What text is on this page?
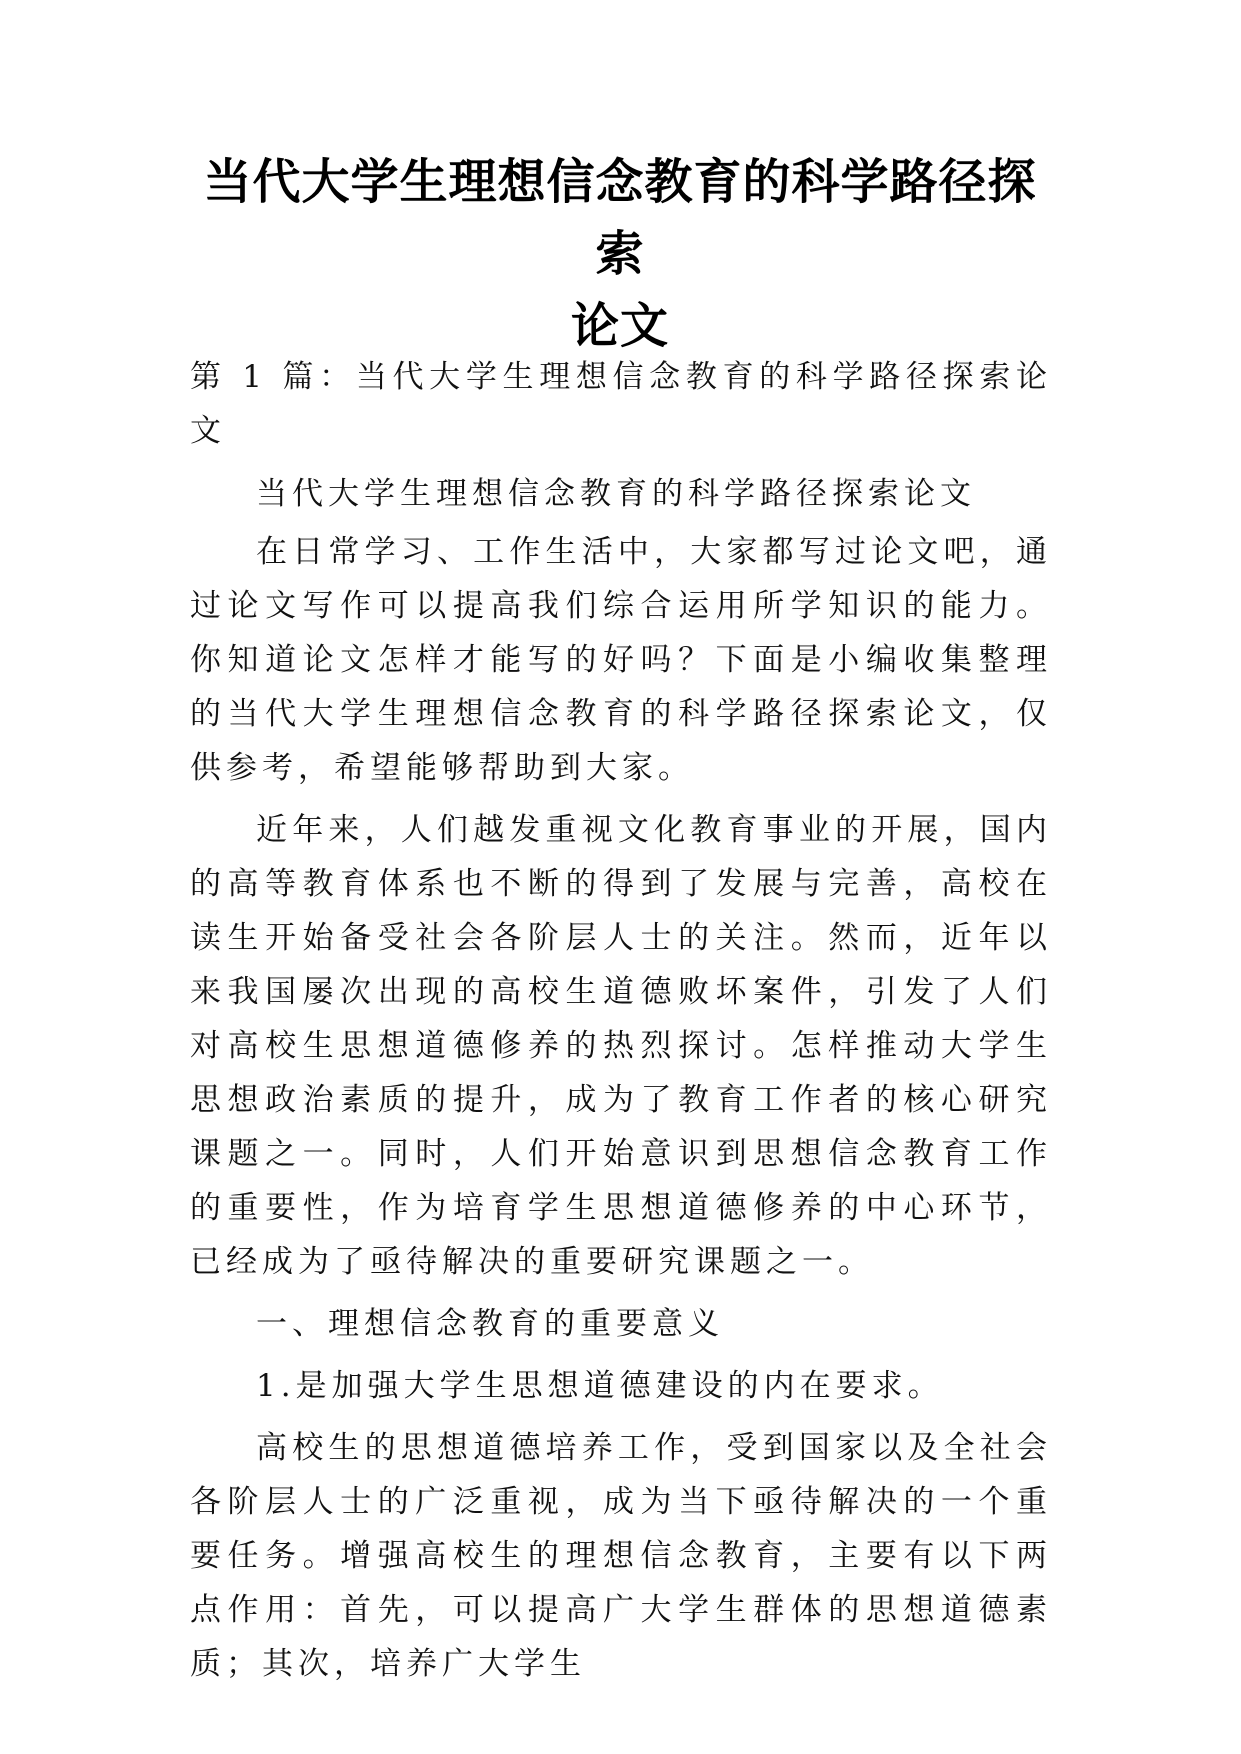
当代大学生理想信念教育的科学路径探索
论文

第 1 篇：当代大学生理想信念教育的科学路径探索论文

当代大学生理想信念教育的科学路径探索论文

在日常学习、工作生活中，大家都写过论文吧，通过论文写作可以提高我们综合运用所学知识的能力。你知道论文怎样才能写的好吗？下面是小编收集整理的当代大学生理想信念教育的科学路径探索论文，仅供参考，希望能够帮助到大家。

近年来，人们越发重视文化教育事业的开展，国内的高等教育体系也不断的得到了发展与完善，高校在读生开始备受社会各阶层人士的关注。然而，近年以来我国屡次出现的高校生道德败坏案件，引发了人们对高校生思想道德修养的热烈探讨。怎样推动大学生思想政治素质的提升，成为了教育工作者的核心研究课题之一。同时，人们开始意识到思想信念教育工作的重要性，作为培育学生思想道德修养的中心环节，已经成为了亟待解决的重要研究课题之一。

一、理想信念教育的重要意义

1.是加强大学生思想道德建设的内在要求。

高校生的思想道德培养工作，受到国家以及全社会各阶层人士的广泛重视，成为当下亟待解决的一个重要任务。增强高校生的理想信念教育，主要有以下两点作用：首先，可以提高广大学生群体的思想道德素质；其次，培养广大学生
